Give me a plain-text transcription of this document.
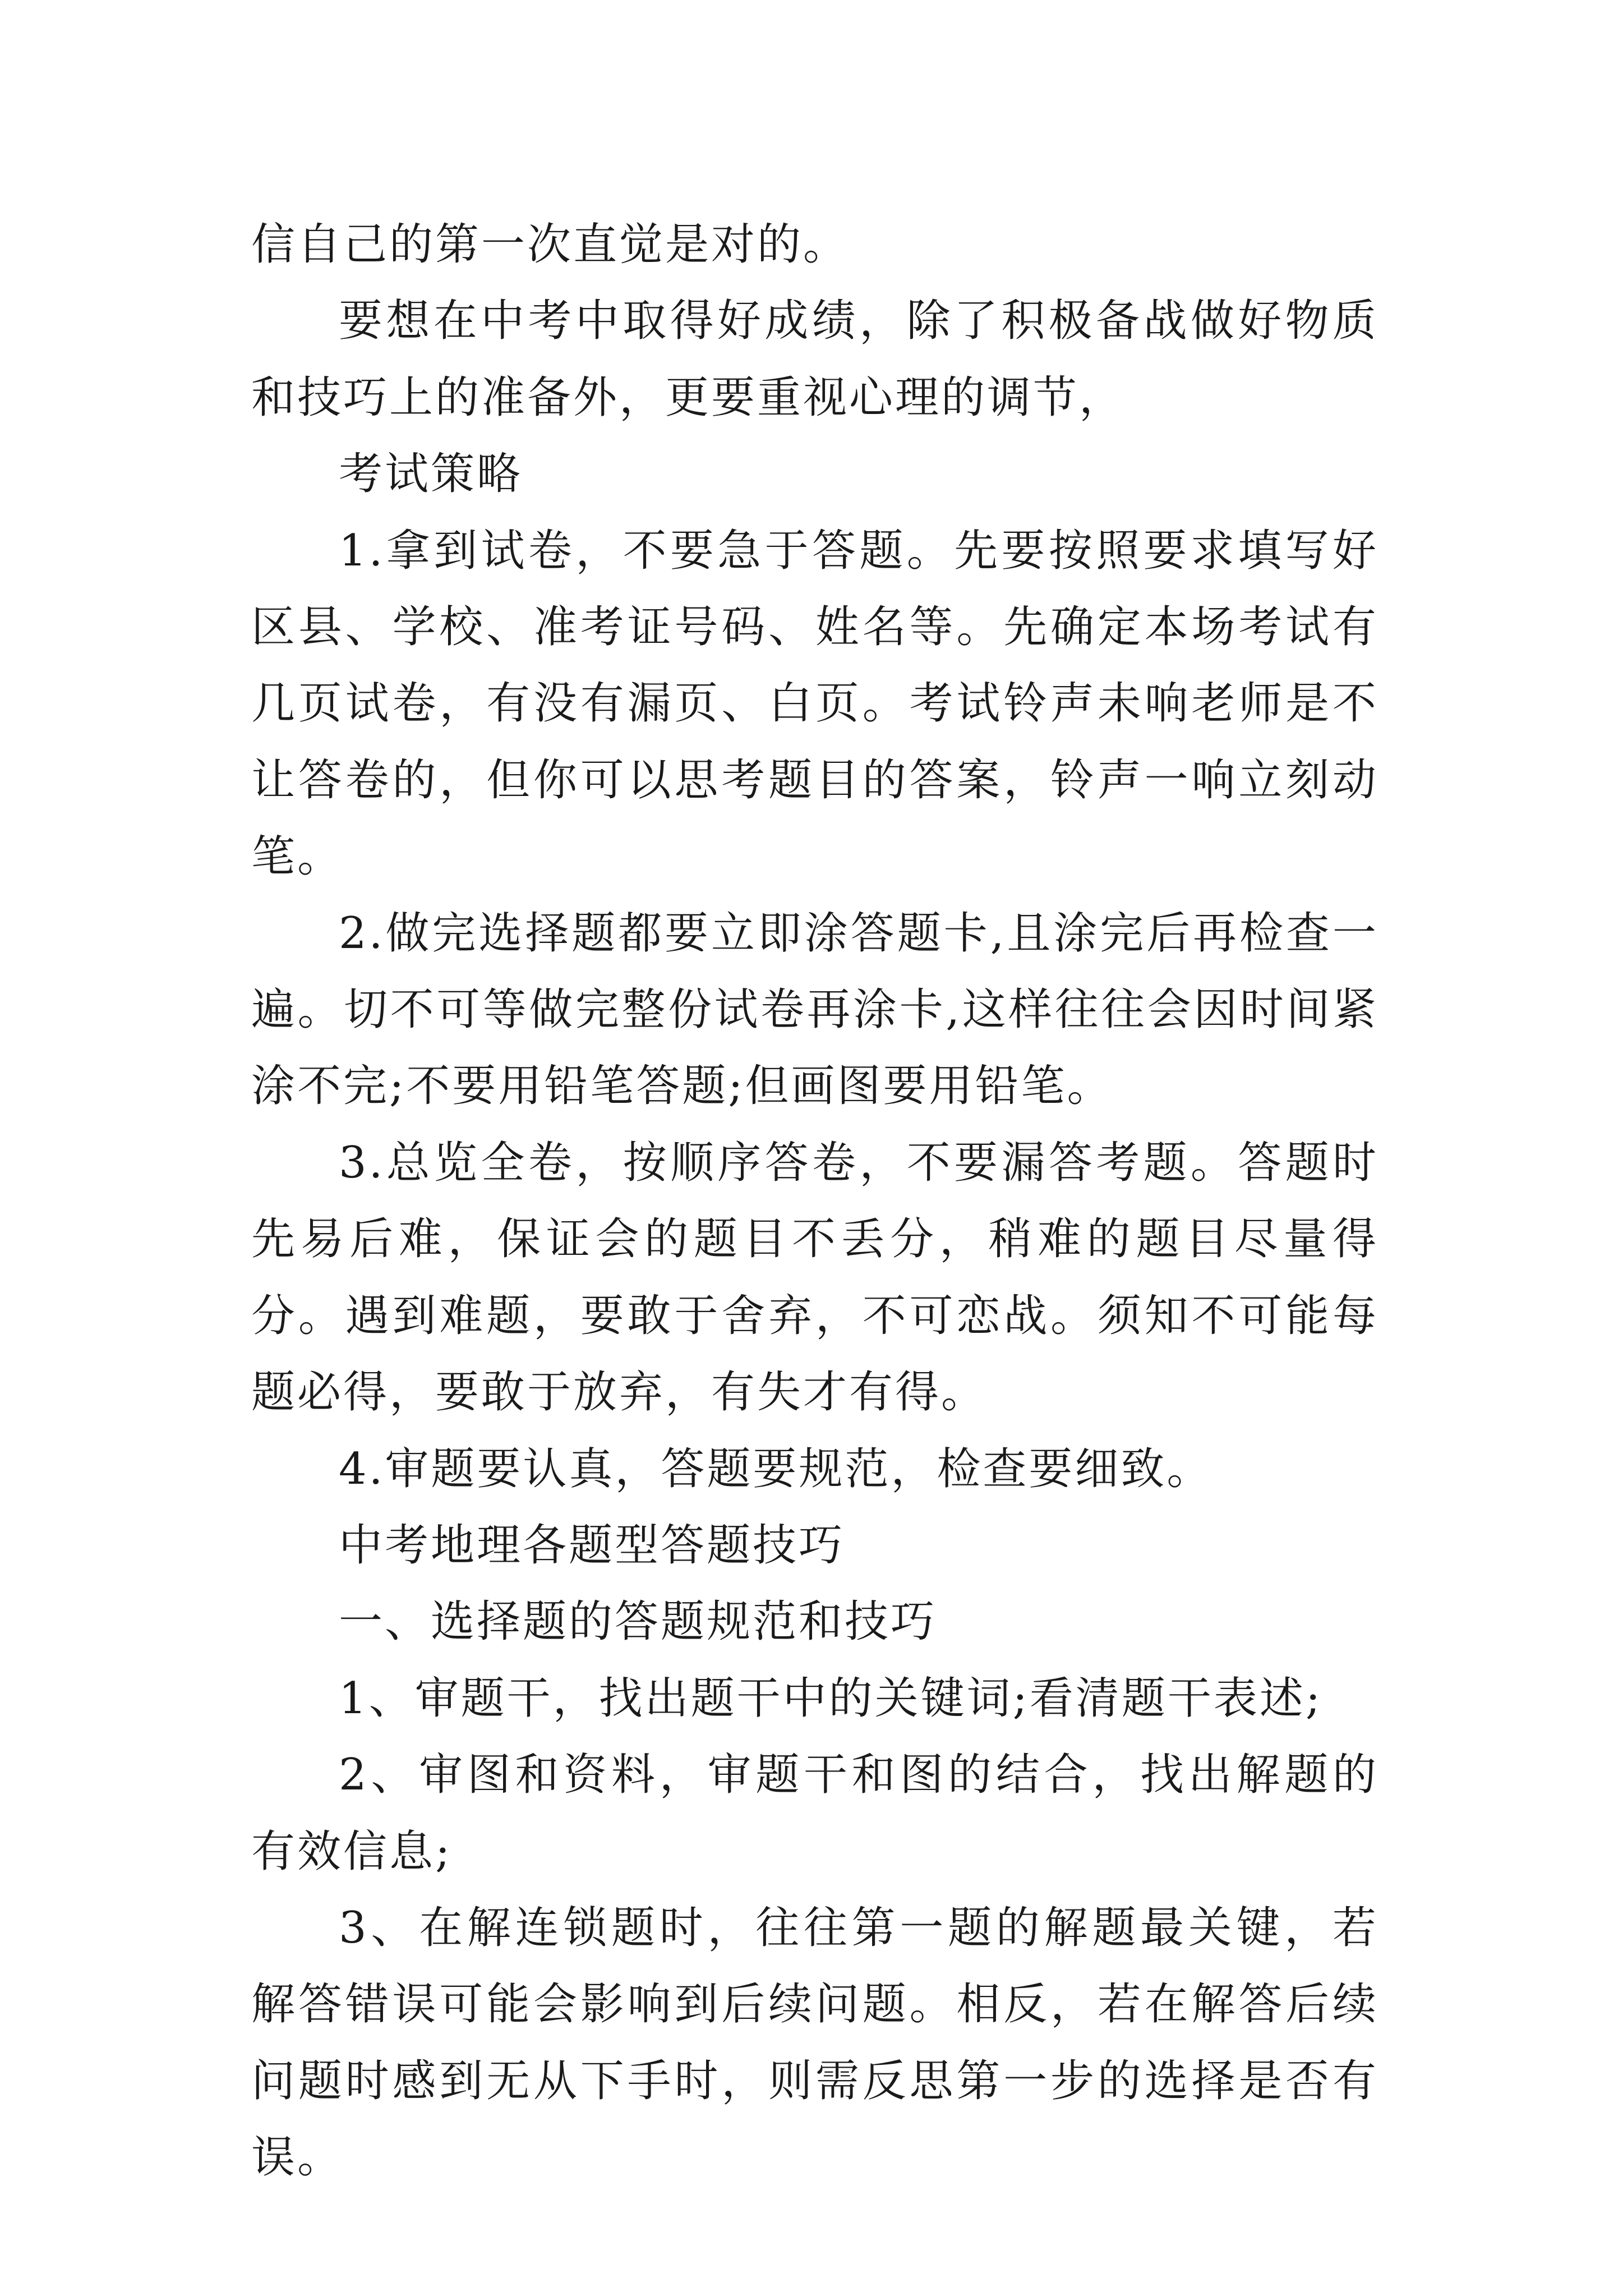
信自己的第一次直觉是对的。

要想在中考中取得好成绩，除了积极备战做好物质和技巧上的准备外，更要重视心理的调节，

考试策略

1.拿到试卷，不要急于答题。先要按照要求填写好区县、学校、准考证号码、姓名等。先确定本场考试有几页试卷，有没有漏页、白页。考试铃声未响老师是不让答卷的，但你可以思考题目的答案，铃声一响立刻动笔。

2.做完选择题都要立即涂答题卡,且涂完后再检查一遍。切不可等做完整份试卷再涂卡,这样往往会因时间紧涂不完;不要用铅笔答题;但画图要用铅笔。

3.总览全卷，按顺序答卷，不要漏答考题。答题时先易后难，保证会的题目不丢分，稍难的题目尽量得分。遇到难题，要敢于舍弃，不可恋战。须知不可能每题必得，要敢于放弃，有失才有得。

4.审题要认真，答题要规范，检查要细致。

中考地理各题型答题技巧

一、选择题的答题规范和技巧

1、审题干，找出题干中的关键词;看清题干表述;

2、审图和资料，审题干和图的结合，找出解题的有效信息;

3、在解连锁题时，往往第一题的解题最关键，若解答错误可能会影响到后续问题。相反，若在解答后续问题时感到无从下手时，则需反思第一步的选择是否有误。
